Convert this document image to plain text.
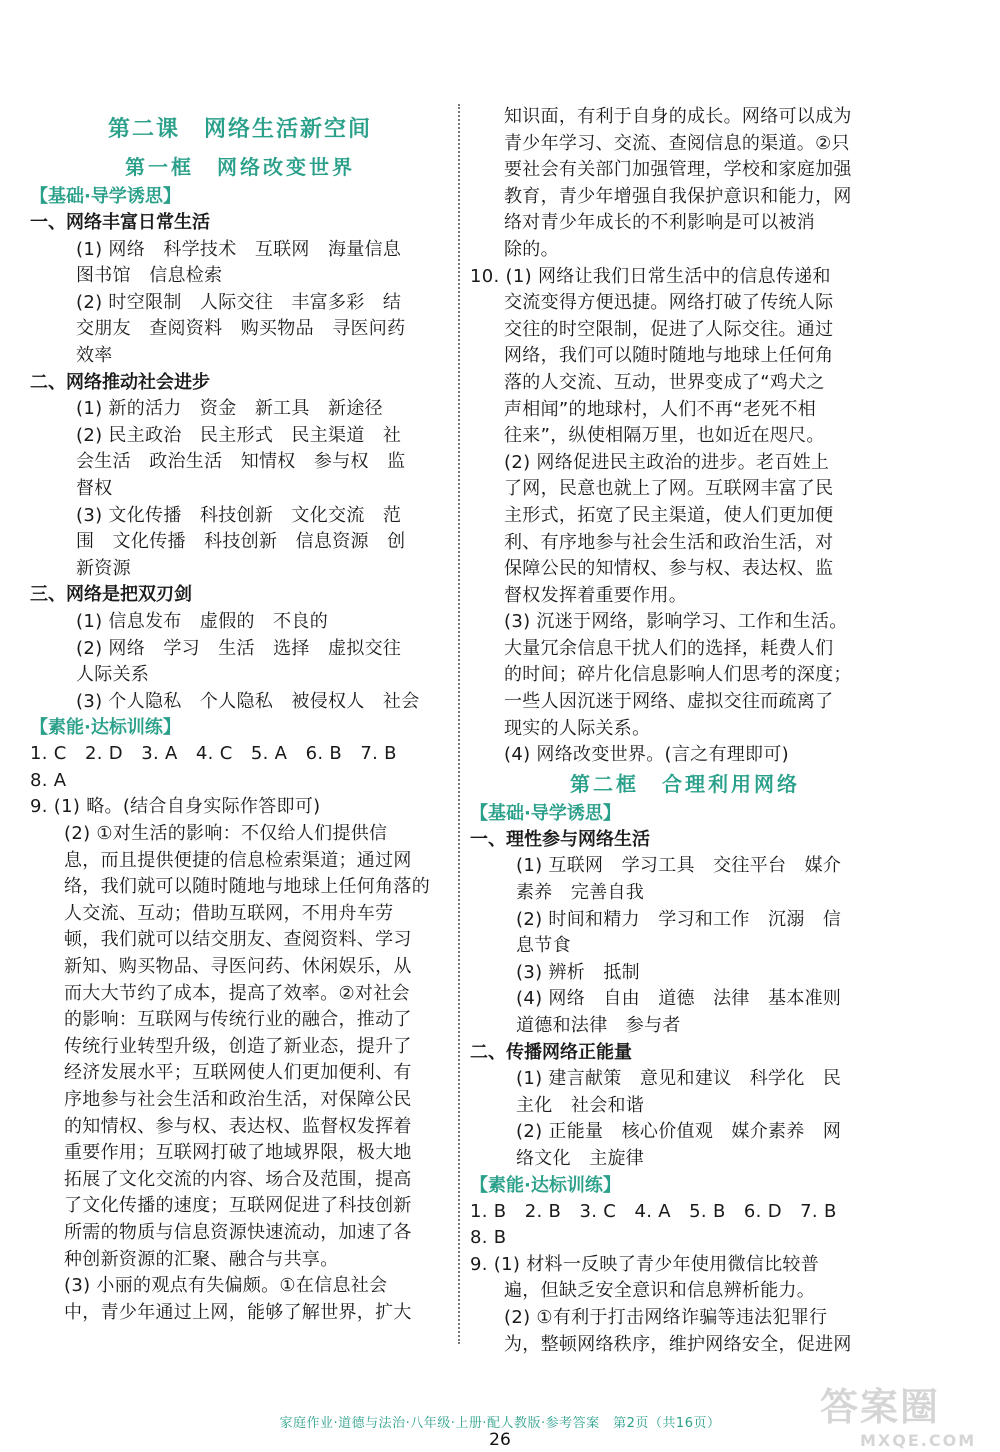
第二课　网络生活新空间
第一框　网络改变世界
【基础·导学诱思】
一、网络丰富日常生活
(1) 网络　科学技术　互联网　海量信息
图书馆　信息检索
(2) 时空限制　人际交往　丰富多彩　结
交朋友　查阅资料　购买物品　寻医问药
效率
二、网络推动社会进步
(1) 新的活力　资金　新工具　新途径
(2) 民主政治　民主形式　民主渠道　社
会生活　政治生活　知情权　参与权　监
督权
(3) 文化传播　科技创新　文化交流　范
围　文化传播　科技创新　信息资源　创
新资源
三、网络是把双刃剑
(1) 信息发布　虚假的　不良的
(2) 网络　学习　生活　选择　虚拟交往
人际关系
(3) 个人隐私　个人隐私　被侵权人　社会
【素能·达标训练】
1. C　2. D　3. A　4. C　5. A　6. B　7. B
8. A
9. (1) 略。(结合自身实际作答即可)
(2) ①对生活的影响：不仅给人们提供信
息，而且提供便捷的信息检索渠道；通过网
络，我们就可以随时随地与地球上任何角落的
人交流、互动；借助互联网，不用舟车劳
顿，我们就可以结交朋友、查阅资料、学习
新知、购买物品、寻医问药、休闲娱乐，从
而大大节约了成本，提高了效率。②对社会
的影响：互联网与传统行业的融合，推动了
传统行业转型升级，创造了新业态，提升了
经济发展水平；互联网使人们更加便利、有
序地参与社会生活和政治生活，对保障公民
的知情权、参与权、表达权、监督权发挥着
重要作用；互联网打破了地域界限，极大地
拓展了文化交流的内容、场合及范围，提高
了文化传播的速度；互联网促进了科技创新
所需的物质与信息资源快速流动，加速了各
种创新资源的汇聚、融合与共享。
(3) 小丽的观点有失偏颇。①在信息社会
中，青少年通过上网，能够了解世界，扩大
知识面，有利于自身的成长。网络可以成为
青少年学习、交流、查阅信息的渠道。②只
要社会有关部门加强管理，学校和家庭加强
教育，青少年增强自我保护意识和能力，网
络对青少年成长的不利影响是可以被消
除的。
10. (1) 网络让我们日常生活中的信息传递和
交流变得方便迅捷。网络打破了传统人际
交往的时空限制，促进了人际交往。通过
网络，我们可以随时随地与地球上任何角
落的人交流、互动，世界变成了“鸡犬之
声相闻”的地球村，人们不再“老死不相
往来”，纵使相隔万里，也如近在咫尺。
(2) 网络促进民主政治的进步。老百姓上
了网，民意也就上了网。互联网丰富了民
主形式，拓宽了民主渠道，使人们更加便
利、有序地参与社会生活和政治生活，对
保障公民的知情权、参与权、表达权、监
督权发挥着重要作用。
(3) 沉迷于网络，影响学习、工作和生活。
大量冗余信息干扰人们的选择，耗费人们
的时间；碎片化信息影响人们思考的深度；
一些人因沉迷于网络、虚拟交往而疏离了
现实的人际关系。
(4) 网络改变世界。(言之有理即可)
第二框　合理利用网络
【基础·导学诱思】
一、理性参与网络生活
(1) 互联网　学习工具　交往平台　媒介
素养　完善自我
(2) 时间和精力　学习和工作　沉溺　信
息节食
(3) 辨析　抵制
(4) 网络　自由　道德　法律　基本准则
道德和法律　参与者
二、传播网络正能量
(1) 建言献策　意见和建议　科学化　民
主化　社会和谐
(2) 正能量　核心价值观　媒介素养　网
络文化　主旋律
【素能·达标训练】
1. B　2. B　3. C　4. A　5. B　6. D　7. B
8. B
9. (1) 材料一反映了青少年使用微信比较普
遍，但缺乏安全意识和信息辨析能力。
(2) ①有利于打击网络诈骗等违法犯罪行
为，整顿网络秩序，维护网络安全，促进网
家庭作业·道德与法治·八年级·上册·配人教版·参考答案　第2页（共16页）
26
答案圈
MXQE.COM
